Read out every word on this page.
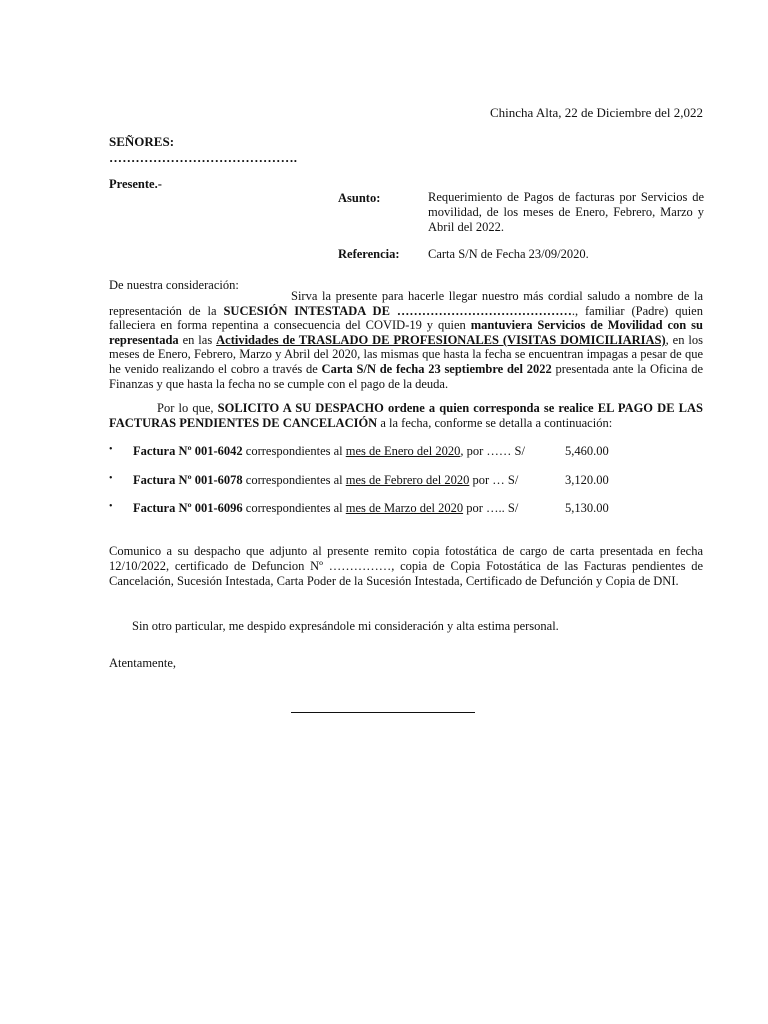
Chincha Alta, 22 de Diciembre del 2,022
SEÑORES:
…………………………………….
Presente.-
Asunto:	Requerimiento de Pagos de facturas por Servicios de movilidad, de los meses de Enero, Febrero, Marzo y Abril del 2022.
Referencia: Carta S/N de Fecha 23/09/2020.
De nuestra consideración:
Sirva la presente para hacerle llegar nuestro más cordial saludo a nombre de la representación de la SUCESIÓN INTESTADA DE ……………………………………., familiar (Padre) quien falleciera en forma repentina a consecuencia del COVID-19 y quien mantuviera Servicios de Movilidad con su representada en las Actividades de TRASLADO DE PROFESIONALES (VISITAS DOMICILIARIAS), en los meses de Enero, Febrero, Marzo y Abril del 2020, las mismas que hasta la fecha se encuentran impagas a pesar de que he venido realizando el cobro a través de Carta S/N de fecha 23 septiembre del 2022 presentada ante la Oficina de Finanzas y que hasta la fecha no se cumple con el pago de la deuda.
Por lo que, SOLICITO A SU DESPACHO ordene a quien corresponda se realice EL PAGO DE LAS FACTURAS PENDIENTES DE CANCELACIÓN a la fecha, conforme se detalla a continuación:
• Factura Nº 001-6042 correspondientes al mes de Enero del 2020, por …… S/	5,460.00
• Factura Nº 001-6078 correspondientes al mes de Febrero del 2020 por … S/	3,120.00
• Factura Nº 001-6096 correspondientes al mes de Marzo del 2020 por ….. S/	5,130.00
Comunico a su despacho que adjunto al presente remito copia fotostática de cargo de carta presentada en fecha 12/10/2022, certificado de Defuncion Nº ……………, copia de Copia Fotostática de las Facturas pendientes de Cancelación, Sucesión Intestada, Carta Poder de la Sucesión Intestada, Certificado de Defunción y Copia de DNI.
Sin otro particular, me despido expresándole mi consideración y alta estima personal.
Atentamente,
